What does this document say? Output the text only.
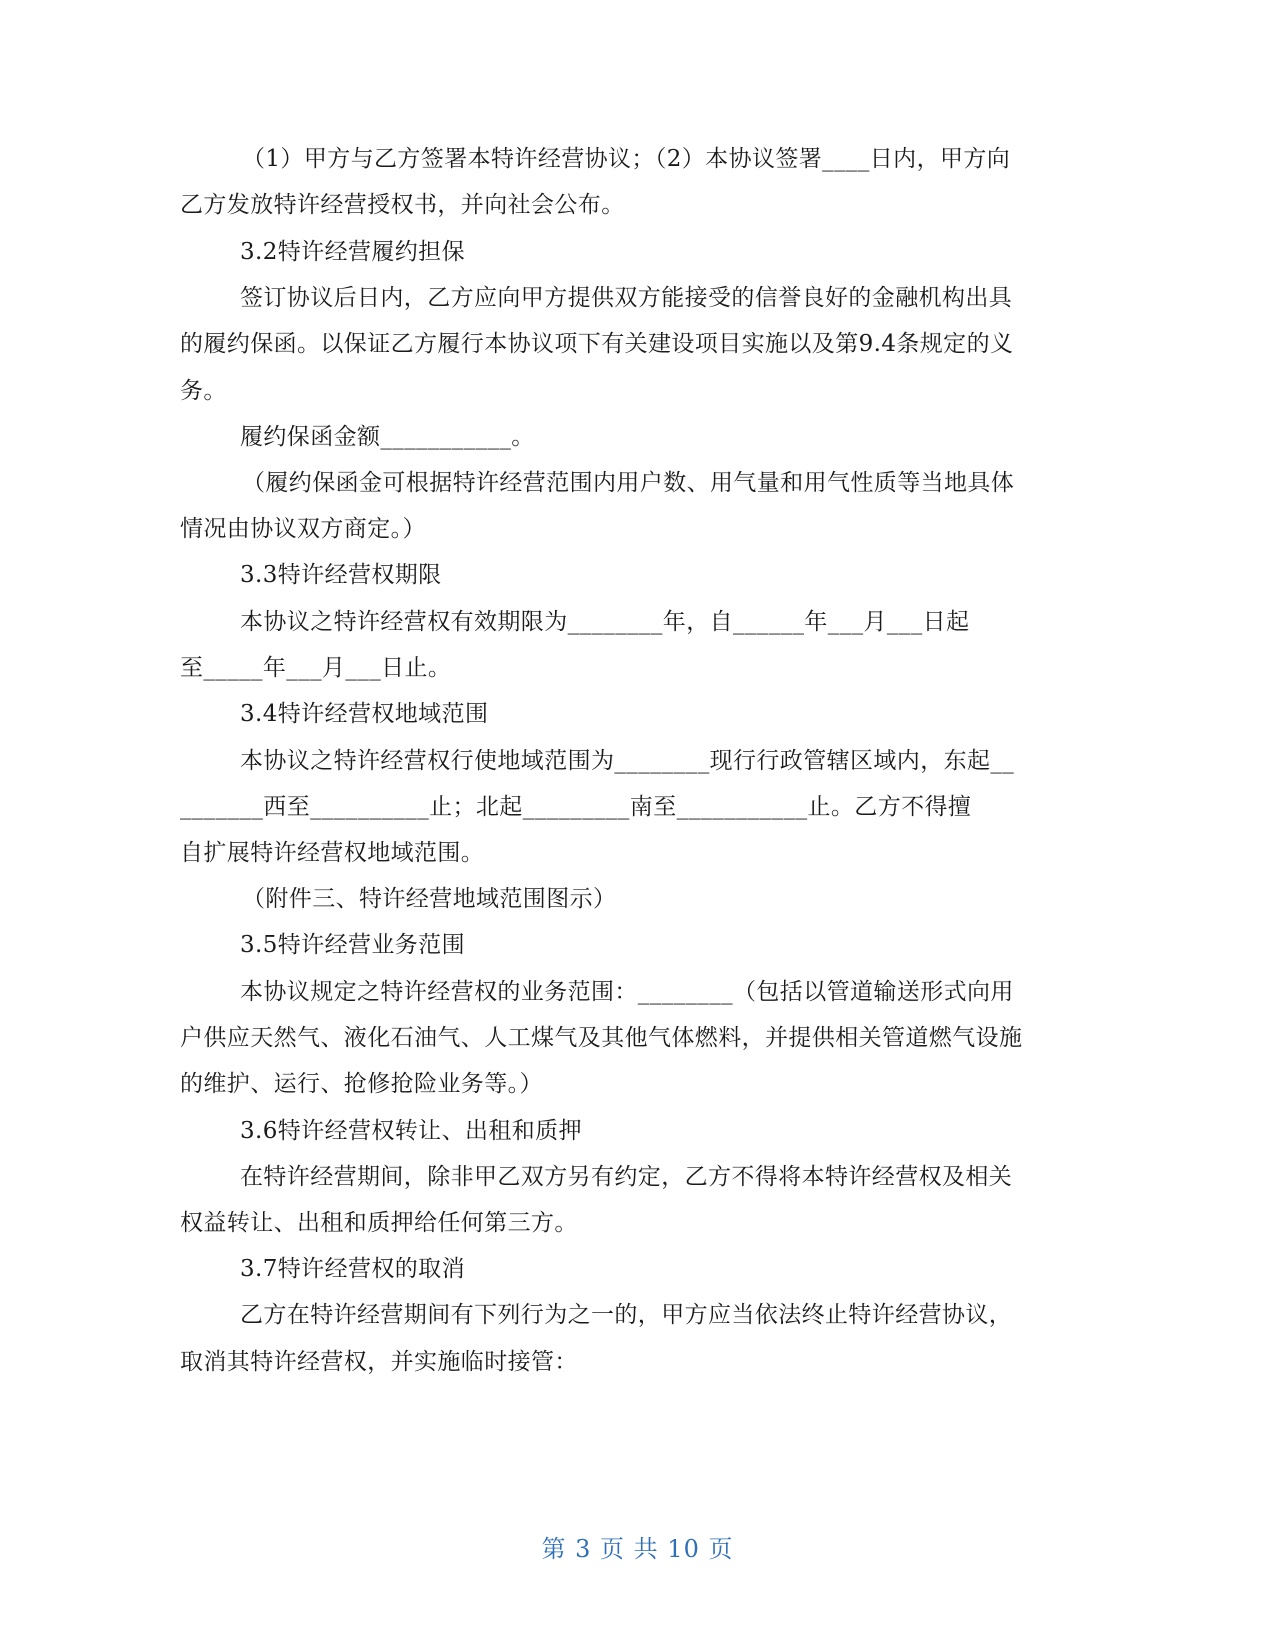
（1）甲方与乙方签署本特许经营协议；（2）本协议签署____日内，甲方向
乙方发放特许经营授权书，并向社会公布。
3.2特许经营履约担保
签订协议后日内，乙方应向甲方提供双方能接受的信誉良好的金融机构出具
的履约保函。以保证乙方履行本协议项下有关建设项目实施以及第9.4条规定的义
务。
履约保函金额___________。
（履约保函金可根据特许经营范围内用户数、用气量和用气性质等当地具体
情况由协议双方商定。）
3.3特许经营权期限
本协议之特许经营权有效期限为________年，自______年___月___日起
至_____年___月___日止。
3.4特许经营权地域范围
本协议之特许经营权行使地域范围为________现行行政管辖区域内，东起__
_______西至__________止；北起_________南至___________止。乙方不得擅
自扩展特许经营权地域范围。
（附件三、特许经营地域范围图示）
3.5特许经营业务范围
本协议规定之特许经营权的业务范围：________（包括以管道输送形式向用
户供应天然气、液化石油气、人工煤气及其他气体燃料，并提供相关管道燃气设施
的维护、运行、抢修抢险业务等。）
3.6特许经营权转让、出租和质押
在特许经营期间，除非甲乙双方另有约定，乙方不得将本特许经营权及相关
权益转让、出租和质押给任何第三方。
3.7特许经营权的取消
乙方在特许经营期间有下列行为之一的，甲方应当依法终止特许经营协议，
取消其特许经营权，并实施临时接管：
第 3 页 共 10 页
